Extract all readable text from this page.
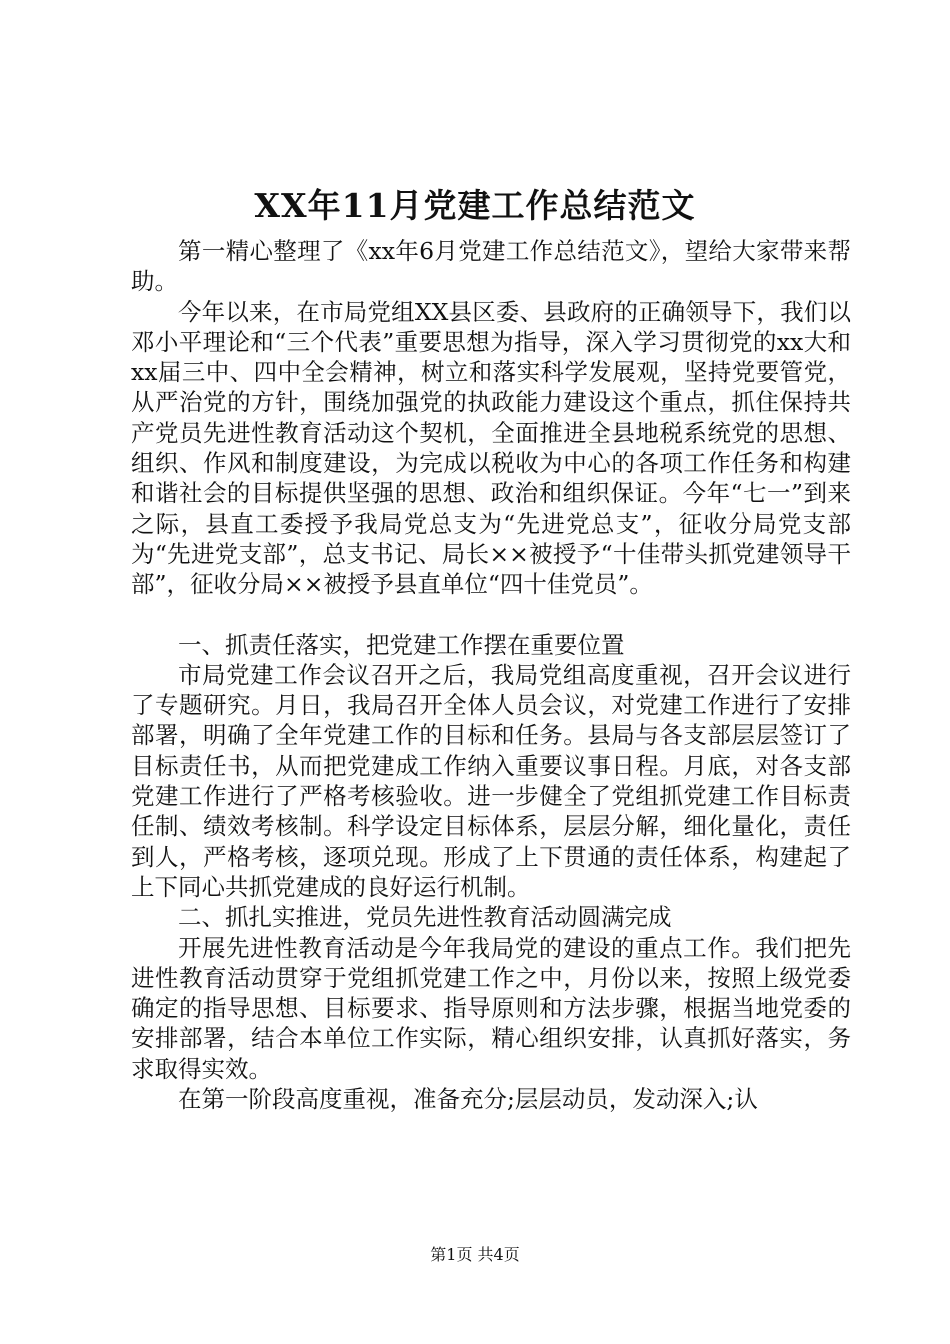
XX年11月党建工作总结范文

第一精心整理了《xx年6月党建工作总结范文》，望给大家带来帮助。

今年以来，在市局党组XX县区委、县政府的正确领导下，我们以邓小平理论和“三个代表”重要思想为指导，深入学习贯彻党的xx大和xx届三中、四中全会精神，树立和落实科学发展观，坚持党要管党，从严治党的方针，围绕加强党的执政能力建设这个重点，抓住保持共产党员先进性教育活动这个契机，全面推进全县地税系统党的思想、组织、作风和制度建设，为完成以税收为中心的各项工作任务和构建和谐社会的目标提供坚强的思想、政治和组织保证。今年“七一”到来之际，县直工委授予我局党总支为“先进党总支”，征收分局党支部为“先进党支部”，总支书记、局长××被授予“十佳带头抓党建领导干部”，征收分局××被授予县直单位“四十佳党员”。

一、抓责任落实，把党建工作摆在重要位置

市局党建工作会议召开之后，我局党组高度重视，召开会议进行了专题研究。月日，我局召开全体人员会议，对党建工作进行了安排部署，明确了全年党建工作的目标和任务。县局与各支部层层签订了目标责任书，从而把党建成工作纳入重要议事日程。月底，对各支部党建工作进行了严格考核验收。进一步健全了党组抓党建工作目标责任制、绩效考核制。科学设定目标体系，层层分解，细化量化，责任到人，严格考核，逐项兑现。形成了上下贯通的责任体系，构建起了上下同心共抓党建成的良好运行机制。

二、抓扎实推进，党员先进性教育活动圆满完成

开展先进性教育活动是今年我局党的建设的重点工作。我们把先进性教育活动贯穿于党组抓党建工作之中，月份以来，按照上级党委确定的指导思想、目标要求、指导原则和方法步骤，根据当地党委的安排部署，结合本单位工作实际，精心组织安排，认真抓好落实，务求取得实效。

在第一阶段高度重视，准备充分;层层动员，发动深入;认

第1页 共4页
